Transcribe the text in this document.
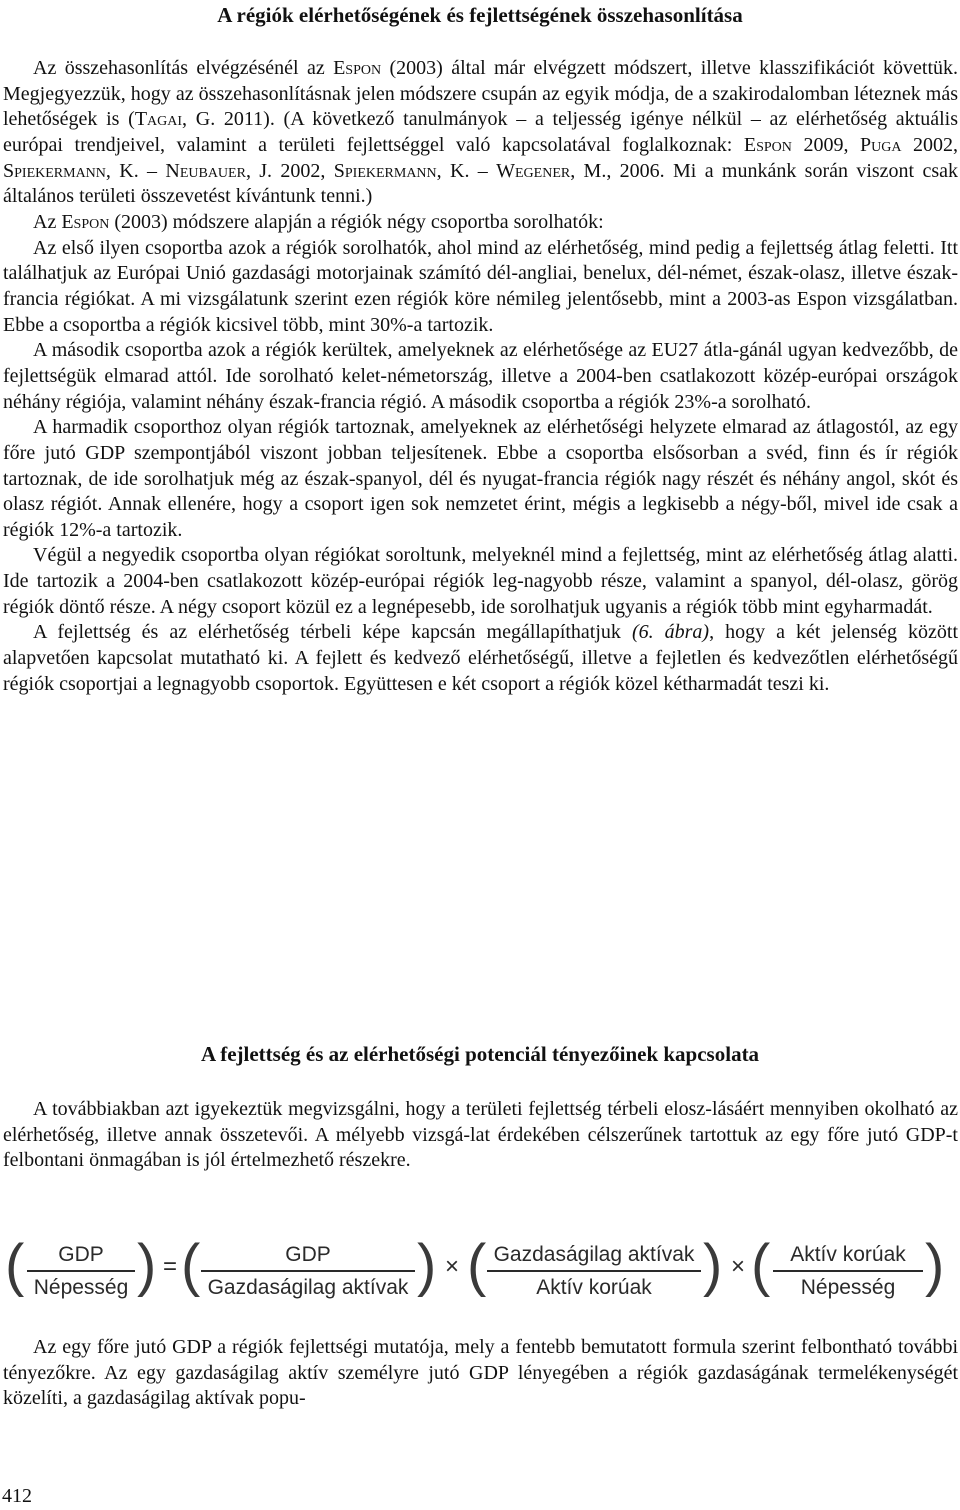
A régiók elérhetőségének és fejlettségének összehasonlítása

Az összehasonlítás elvégzésénél az Espon (2003) által már elvégzett módszert, illetve klasszifikációt követtük. Megjegyezzük, hogy az összehasonlításnak jelen módszere csupán az egyik módja, de a szakirodalomban léteznek más lehetőségek is (Tagai, G. 2011). (A következő tanulmányok – a teljesség igénye nélkül – az elérhetőség aktuális európai trendjeivel, valamint a területi fejlettséggel való kapcsolatával foglalkoznak: Espon 2009, Puga 2002, Spiekermann, K. – Neubauer, J. 2002, Spiekermann, K. – Wegener, M., 2006. Mi a munkánk során viszont csak általános területi összevetést kívántunk tenni.)

Az Espon (2003) módszere alapján a régiók négy csoportba sorolhatók:

Az első ilyen csoportba azok a régiók sorolhatók, ahol mind az elérhetőség, mind pedig a fejlettség átlag feletti. Itt találhatjuk az Európai Unió gazdasági motorjainak számító dél-angliai, benelux, dél-német, észak-olasz, illetve észak-francia régiókat. A mi vizsgálatunk szerint ezen régiók köre némileg jelentősebb, mint a 2003-as Espon vizsgálatban. Ebbe a csoportba a régiók kicsivel több, mint 30%-a tartozik.

A második csoportba azok a régiók kerültek, amelyeknek az elérhetősége az EU27 átla-gánál ugyan kedvezőbb, de fejlettségük elmarad attól. Ide sorolható kelet-németország, illetve a 2004-ben csatlakozott közép-európai országok néhány régiója, valamint néhány észak-francia régió. A második csoportba a régiók 23%-a sorolható.

A harmadik csoporthoz olyan régiók tartoznak, amelyeknek az elérhetőségi helyzete elmarad az átlagostól, az egy főre jutó GDP szempontjából viszont jobban teljesítenek. Ebbe a csoportba elsősorban a svéd, finn és ír régiók tartoznak, de ide sorolhatjuk még az észak-spanyol, dél és nyugat-francia régiók nagy részét és néhány angol, skót és olasz régiót. Annak ellenére, hogy a csoport igen sok nemzetet érint, mégis a legkisebb a négy-ből, mivel ide csak a régiók 12%-a tartozik.

Végül a negyedik csoportba olyan régiókat soroltunk, melyeknél mind a fejlettség, mint az elérhetőség átlag alatti. Ide tartozik a 2004-ben csatlakozott közép-európai régiók leg-nagyobb része, valamint a spanyol, dél-olasz, görög régiók döntő része. A négy csoport közül ez a legnépesebb, ide sorolhatjuk ugyanis a régiók több mint egyharmadát.

A fejlettség és az elérhetőség térbeli képe kapcsán megállapíthatjuk (6. ábra), hogy a két jelenség között alapvetően kapcsolat mutatható ki. A fejlett és kedvező elérhetőségű, illetve a fejletlen és kedvezőtlen elérhetőségű régiók csoportjai a legnagyobb csoportok. Együttesen e két csoport a régiók közel kétharmadát teszi ki.

A fejlettség és az elérhetőségi potenciál tényezőinek kapcsolata

A továbbiakban azt igyekeztük megvizsgálni, hogy a területi fejlettség térbeli elosz-lásáért mennyiben okolható az elérhetőség, illetve annak összetevői. A mélyebb vizsgá-lat érdekében célszerűnek tartottuk az egy főre jutó GDP-t felbontani önmagában is jól értelmezhető részekre.

(	GDP
Népesség ) = (	GDP
Gazdaságilag aktívak ) × ( Gazdaságilag aktívak
Aktív korúak ) × ( Aktív korúak
Népesség )

Az egy főre jutó GDP a régiók fejlettségi mutatója, mely a fentebb bemutatott formula szerint felbontható további tényezőkre. Az egy gazdaságilag aktív személyre jutó GDP lényegében a régiók gazdaságának termelékenységét közelíti, a gazdaságilag aktívak popu-

412
